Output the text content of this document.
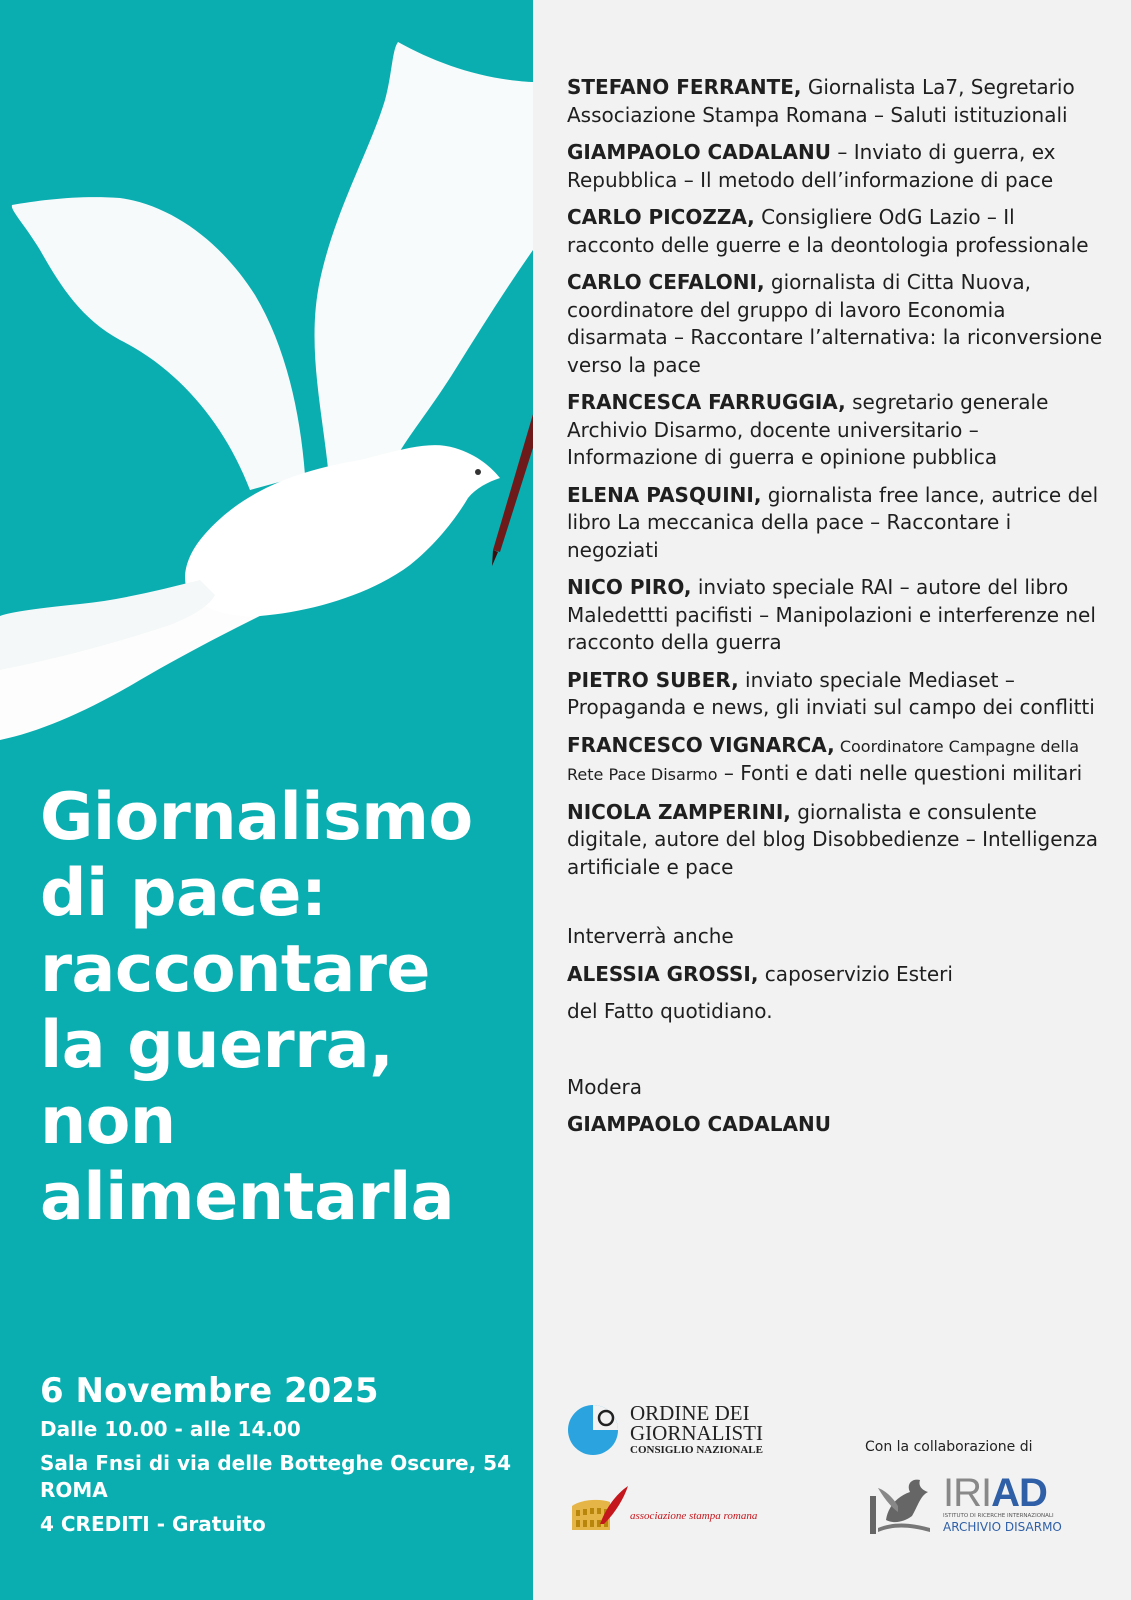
Giornalismo
di pace:
raccontare
la guerra,
non
alimentarla
6 Novembre 2025
Dalle 10.00 - alle 14.00
Sala Fnsi di via delle Botteghe Oscure, 54
ROMA
4 CREDITI - Gratuito

STEFANO FERRANTE, Giornalista La7, Segretario Associazione Stampa Romana – Saluti istituzionali

GIAMPAOLO CADALANU – Inviato di guerra, ex Repubblica – Il metodo dell’informazione di pace

CARLO PICOZZA, Consigliere OdG Lazio – Il racconto delle guerre e la deontologia professionale

CARLO CEFALONI, giornalista di Citta Nuova, coordinatore del gruppo di lavoro Economia disarmata – Raccontare l’alternativa: la riconversione verso la pace

FRANCESCA FARRUGGIA, segretario generale Archivio Disarmo, docente universitario – Informazione di guerra e opinione pubblica

ELENA PASQUINI, giornalista free lance, autrice del libro La meccanica della pace – Raccontare i negoziati

NICO PIRO, inviato speciale RAI – autore del libro Maledettti pacifisti – Manipolazioni e interferenze nel racconto della guerra

PIETRO SUBER, inviato speciale Mediaset – Propaganda e news, gli inviati sul campo dei conflitti

FRANCESCO VIGNARCA, Coordinatore Campagne della Rete Pace Disarmo – Fonti e dati nelle questioni militari

NICOLA ZAMPERINI, giornalista e consulente digitale, autore del blog Disobbedienze – Intelligenza artificiale e pace

Interverrà anche

ALESSIA GROSSI, caposervizio Esteri

del Fatto quotidiano.

Modera

GIAMPAOLO CADALANU

ORDINE DEI
GIORNALISTI
CONSIGLIO NAZIONALE	Con la collaborazione di
associazione stampa romana
IRIAD
ISTITUTO DI RICERCHE INTERNAZIONALI
ARCHIVIO DISARMO
